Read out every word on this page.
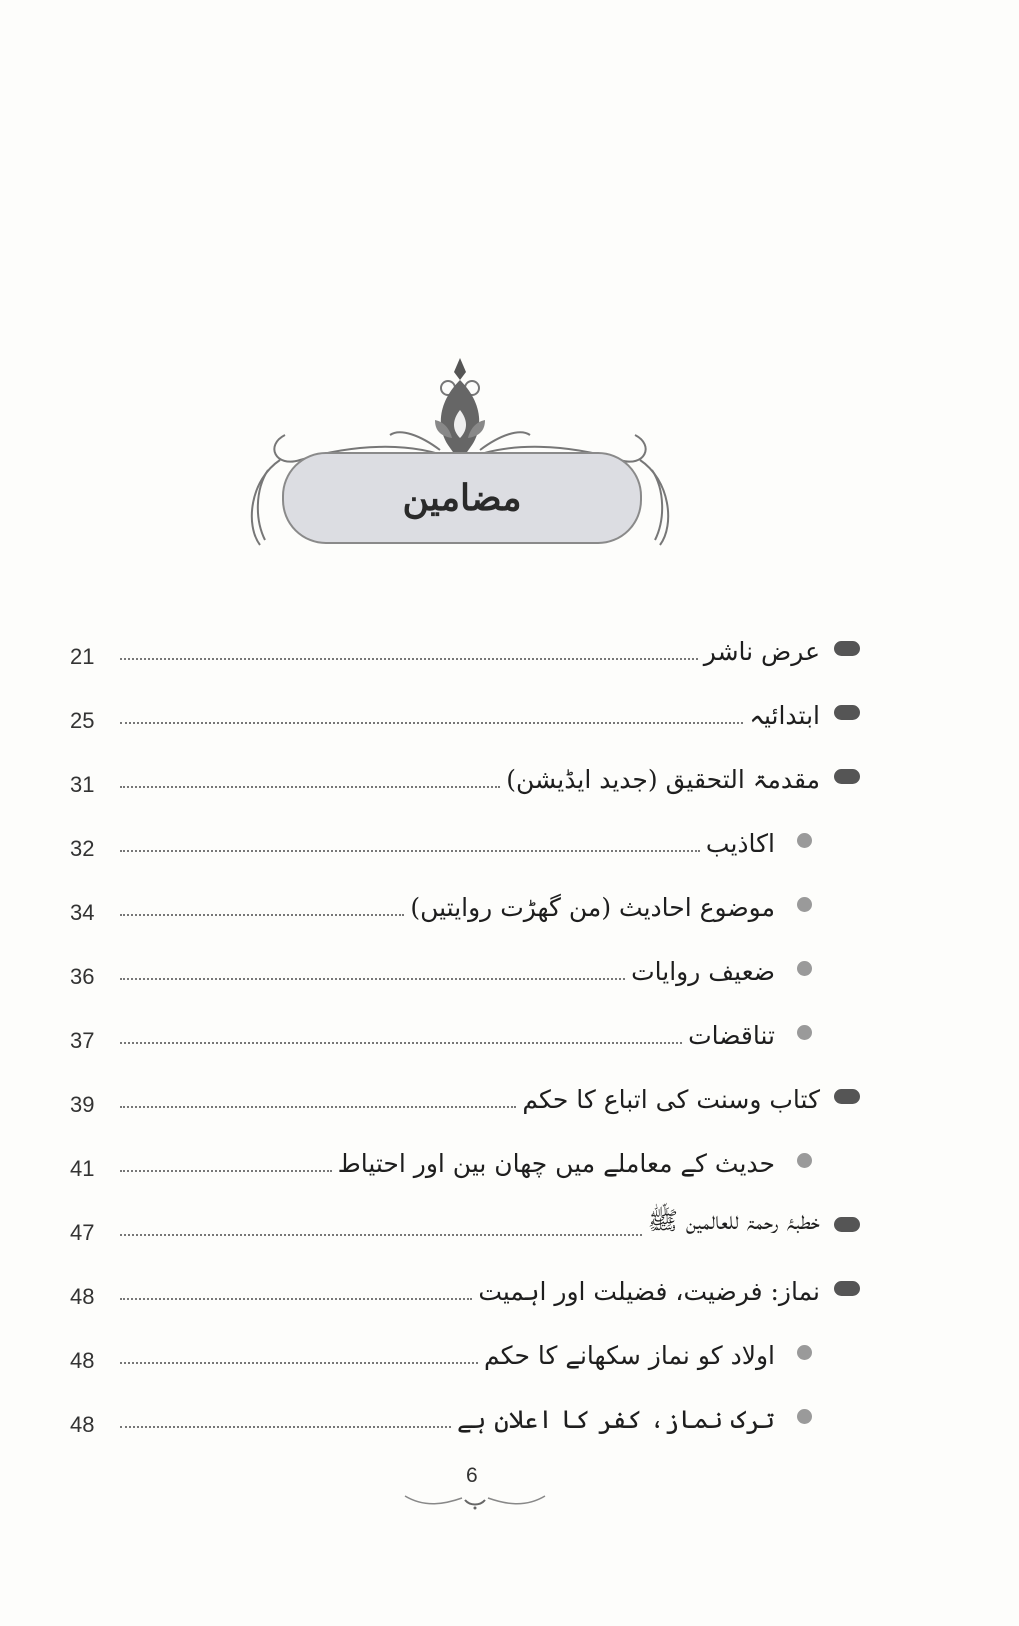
مضامین
عرض ناشر
21
ابتدائیہ
25
مقدمۃ التحقیق (جدید ایڈیشن)
31
اکاذیب
32
موضوع احادیث (من گھڑت روایتیں)
34
ضعیف روایات
36
تناقضات
37
کتاب وسنت کی اتباع کا حکم
39
حدیث کے معاملے میں چھان بین اور احتیاط
41
خطبۂ رحمۃ للعالمین ﷺ
47
نماز: فرضیت، فضیلت اور اہمیت
48
اولاد کو نماز سکھانے کا حکم
48
ترک نماز، کفر کا اعلان ہے
48
6
